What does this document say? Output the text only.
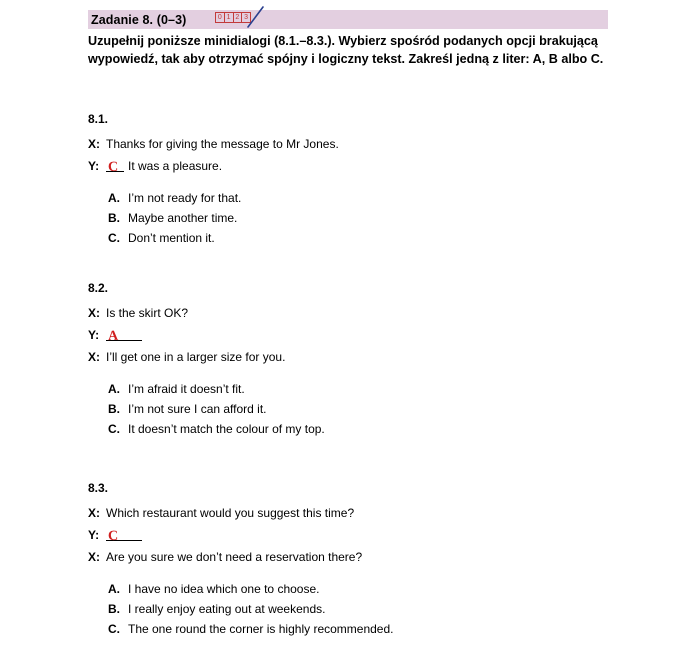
Zadanie 8. (0–3)	0 1 2 3
Uzupełnij poniższe minidialogi (8.1.–8.3.). Wybierz spośród podanych opcji brakującą wypowiedź, tak aby otrzymać spójny i logiczny tekst. Zakreśl jedną z liter: A, B albo C.
8.1.
X: Thanks for giving the message to Mr Jones.
Y: C It was a pleasure.
A. I’m not ready for that.
B. Maybe another time.
C. Don’t mention it.
8.2.
X: Is the skirt OK?
Y: A
X: I’ll get one in a larger size for you.
A. I’m afraid it doesn’t fit.
B. I’m not sure I can afford it.
C. It doesn’t match the colour of my top.
8.3.
X: Which restaurant would you suggest this time?
Y: C
X: Are you sure we don’t need a reservation there?
A. I have no idea which one to choose.
B. I really enjoy eating out at weekends.
C. The one round the corner is highly recommended.
